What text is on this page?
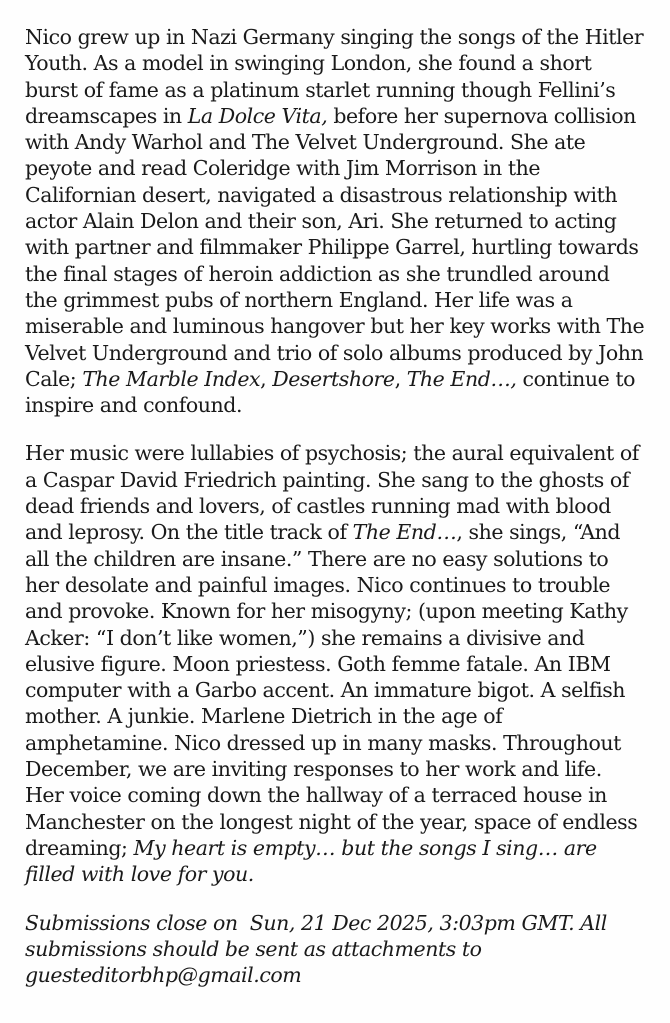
Nico grew up in Nazi Germany singing the songs of the Hitler Youth. As a model in swinging London, she found a short burst of fame as a platinum starlet running though Fellini’s dreamscapes in La Dolce Vita, before her supernova collision with Andy Warhol and The Velvet Underground. She ate peyote and read Coleridge with Jim Morrison in the Californian desert, navigated a disastrous relationship with actor Alain Delon and their son, Ari. She returned to acting with partner and filmmaker Philippe Garrel, hurtling towards the final stages of heroin addiction as she trundled around the grimmest pubs of northern England. Her life was a miserable and luminous hangover but her key works with The Velvet Underground and trio of solo albums produced by John Cale; The Marble Index, Desertshore, The End…, continue to inspire and confound.

Her music were lullabies of psychosis; the aural equivalent of a Caspar David Friedrich painting. She sang to the ghosts of dead friends and lovers, of castles running mad with blood and leprosy. On the title track of The End…, she sings, “And all the children are insane.” There are no easy solutions to her desolate and painful images. Nico continues to trouble and provoke. Known for her misogyny; (upon meeting Kathy Acker: “I don’t like women,”) she remains a divisive and elusive figure. Moon priestess. Goth femme fatale. An IBM computer with a Garbo accent. An immature bigot. A selfish mother. A junkie. Marlene Dietrich in the age of amphetamine. Nico dressed up in many masks. Throughout December, we are inviting responses to her work and life. Her voice coming down the hallway of a terraced house in Manchester on the longest night of the year, space of endless dreaming; My heart is empty… but the songs I sing… are filled with love for you.

Submissions close on  Sun, 21 Dec 2025, 3:03pm GMT. All submissions should be sent as attachments to guesteditorbhp@gmail.com
